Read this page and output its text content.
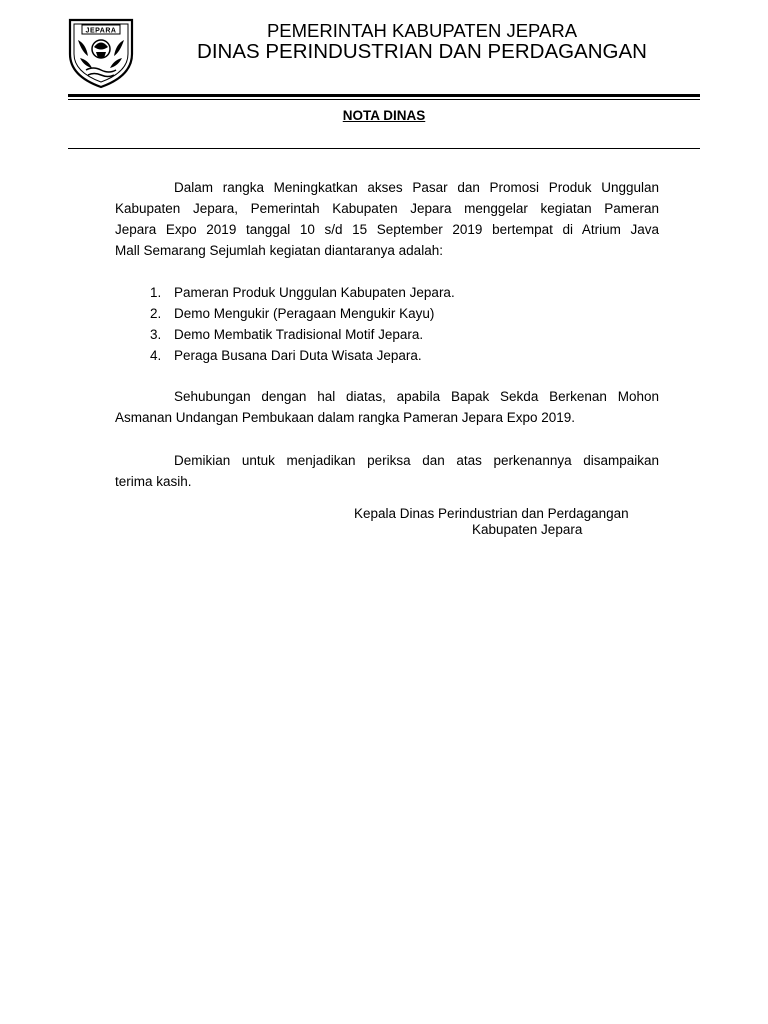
JEPARA	PEMERINTAH KABUPATEN JEPARA
DINAS PERINDUSTRIAN DAN PERDAGANGAN
NOTA DINAS
Dalam rangka Meningkatkan akses Pasar dan Promosi Produk Unggulan
Kabupaten Jepara, Pemerintah Kabupaten Jepara menggelar kegiatan Pameran
Jepara Expo 2019 tanggal 10 s/d 15 September 2019 bertempat di Atrium Java
Mall Semarang Sejumlah kegiatan diantaranya adalah:
1. Pameran Produk Unggulan Kabupaten Jepara.
2. Demo Mengukir (Peragaan Mengukir Kayu)
3. Demo Membatik Tradisional Motif Jepara.
4. Peraga Busana Dari Duta Wisata Jepara.
Sehubungan dengan hal diatas, apabila Bapak Sekda Berkenan Mohon
Asmanan Undangan Pembukaan dalam rangka Pameran Jepara Expo 2019.
Demikian untuk menjadikan periksa dan atas perkenannya disampaikan
terima kasih.
Kepala Dinas Perindustrian dan Perdagangan
Kabupaten Jepara
